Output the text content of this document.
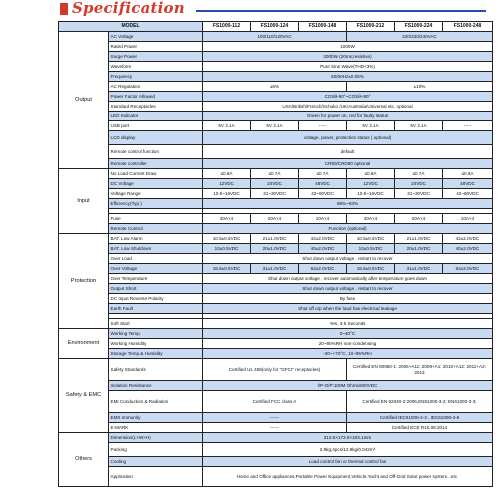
Specification
MODEL		FS1000-112	FS1000-124	FS1000-148	FS1000-212	FS1000-224	FS1000-248
Output	AC Voltage	100/110/120VAC			220/230/240VAC		
	Rated Power	1000W					
	Surge Power	2000W (20ms;resistive)					
	Waveform	Pure Sine Wave(THD<3%)					
	Frequency	50/60Hz±0.05%					
	AC Regulation	±5%			±10%		
	Power Factor Allowed	COSθ-90°~COSθ+90°					
	Standard Receptacles	USA/British/French/Schuko /UK/Australia/Universal etc. optional					
	LED Indicator	Green for power on, red for faulty status					
	USB port	5V 2.1A	5V 2.1A	-----	5V 2.1A	5V 2.1A	-----
	LCD display	voltage, power, protection status ( optional)					
	Remote control function	default					
	Remote controller	CR80/CRD80 optional					
Input	No Load Current Draw	≤0.8A	≤0.7A	≤0.7A	≤0.8A	≤0.7A	≤0.6A
	DC Voltage	12VDC	24VDC	48VDC	12VDC	24VDC	48VDC
	Voltage Range	10.5~16VDC	21~30VDC	42~60VDC	10.5~16VDC	21~30VDC	42~60VDC
	Efficiency(Typ.)	88%~93%					

	Fuse	40A×4	20A×4	10A×4	40A×4	20A×4	10A×4
	Remote Control	Function (optional)					
Protection	BAT. Low Alarm	10.5±0.5VDC	21±1.0VDC	42±2.0VDC	10.5±0.5VDC	21±1.0VDC	42±2.0VDC
	BAT. Low Shutdown	10±0.5VDC	20±1.0VDC	40±2.0VDC	10±0.5VDC	20±1.0VDC	40±2.0VDC
	Over Load	Shut down output voltage , restart to recover					
	Over Voltage	15.5±0.5VDC	31±1.0VDC	62±2.0VDC	15.5±0.5VDC	31±1.0VDC	62±2.0VDC
	Over Temperature	Shut down output voltage , recover automatically after temperature goes down					
	Output Short	Shut down output voltage , restart to recover					
	DC Input Reverse Polarity	By fuse					
	Earth Fault	Shut off o/p when the load has electrical leakage					

	Soft Start	Yes, 3-5 Seconds					
Environment	Working Temp.	0~40°C					
	Working Humidity	20~90%RH non-condensing					
	Storage Temp.& Humidity	-30~+70°C, 10~95%RH					
Safety & EMC	Safety Standards	Certified UL 458(only for "GFCI" receptacles)			Certified EN 60950-1: 2006+A11: 2009+A1: 2010+A12: 2011+A2: 2013		
	Isolation Resistance	I/P-O/P:100M Ohms/500VDC					
	EMI Conduction & Radiation	Certified FCC class A			Certified EN 62040-2:2006,EN61000-3-2; EN61000-3-3;		
	EMS Immunity	------			Certified IEC61000-4-3 , IEC61000-4-8		
	E-MARK	------			Certified ECE R10.06:2014		
Others	Dimension(L×W×H)	313.6×173.6×103.1mm					
	Packing	2.9kg;4pcs/12.9kg/0.042m³					
	Cooling	Load control fan or thermal control fan					
	Application	Home and Office appliances,Portable Power Equipment,Vehicle,Yacht and Off-Grid Solar power system...etc.					
